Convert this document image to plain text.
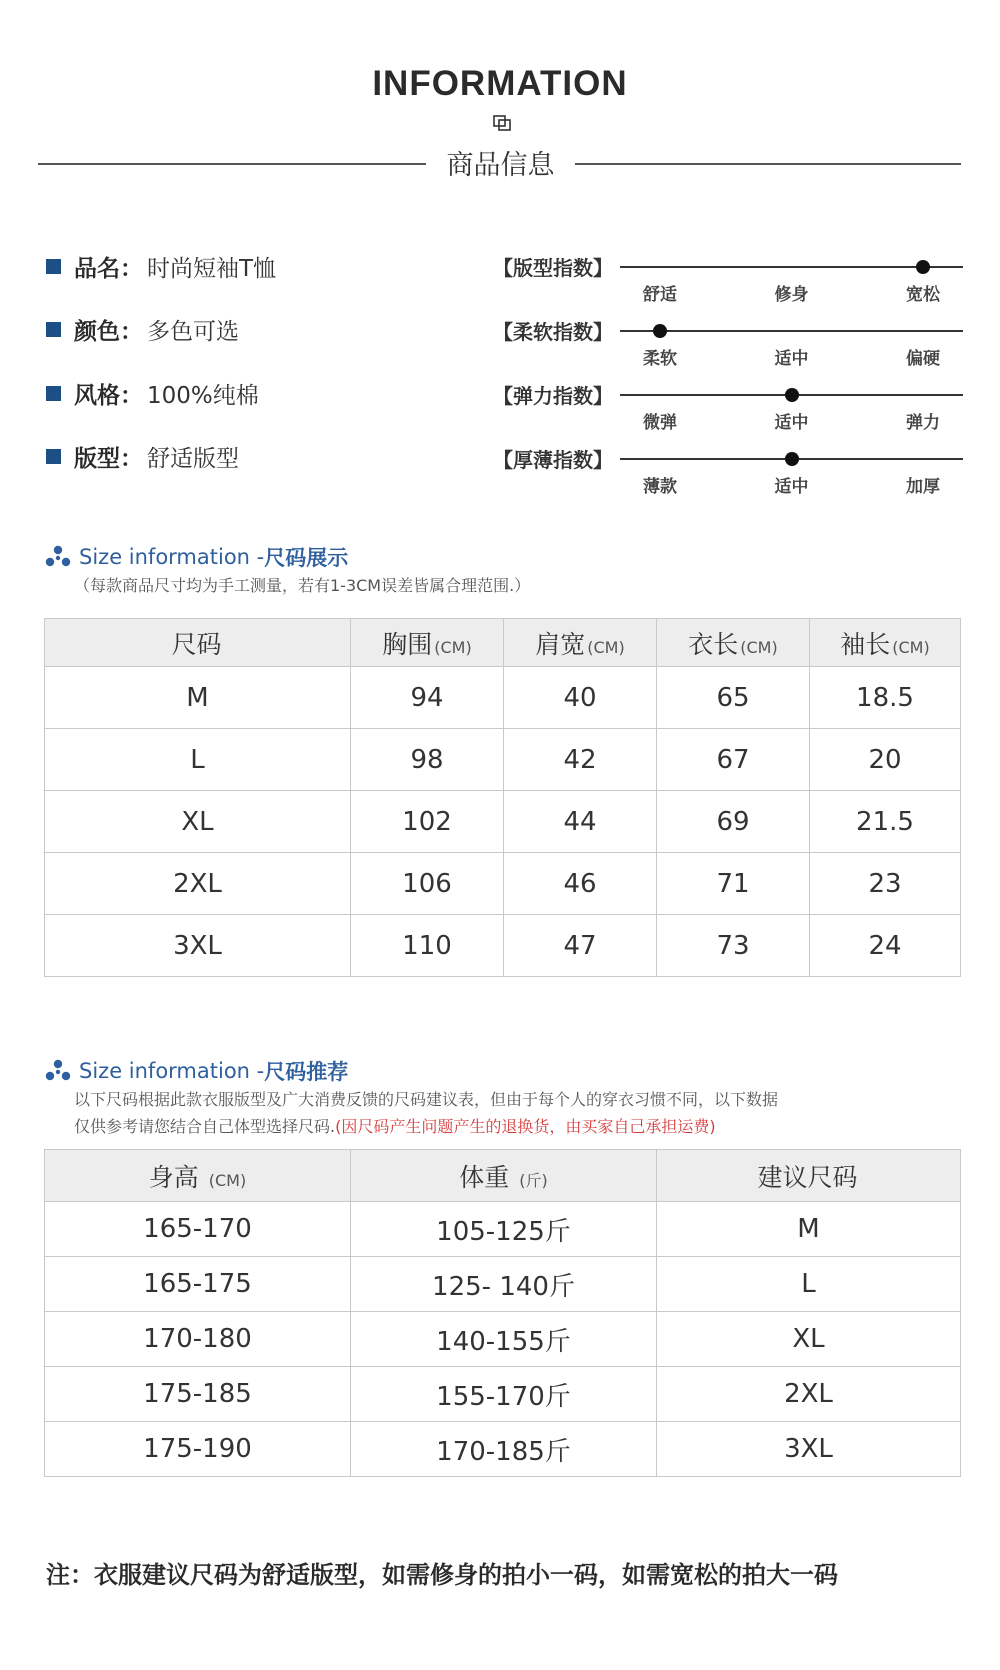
INFORMATION
商品信息
品名： 时尚短袖T恤
颜色： 多色可选
风格： 100%纯棉
版型： 舒适版型
【版型指数】
舒适	修身	宽松
【柔软指数】
柔软	适中	偏硬
【弹力指数】
微弹	适中	弹力
【厚薄指数】
薄款	适中	加厚
Size information - 尺码展示
（每款商品尺寸均为手工测量，若有1-3CM误差皆属合理范围.）
尺码	胸围 (CM)	肩宽 (CM)	衣长 (CM)	袖长 (CM)
M	94	40	65	18.5
L	98	42	67	20
XL	102	44	69	21.5
2XL	106	46	71	23
3XL	110	47	73	24
Size information - 尺码推荐
以下尺码根据此款衣服版型及广大消费反馈的尺码建议表，但由于每个人的穿衣习惯不同，以下数据
仅供参考请您结合自己体型选择尺码.(因尺码产生问题产生的退换货，由买家自己承担运费)
身高 (CM)	体重 (斤)	建议尺码
165-170	105-125斤	M
165-175	125- 140斤	L
170-180	140-155斤	XL
175-185	155-170斤	2XL
175-190	170-185斤	3XL
注：衣服建议尺码为舒适版型，如需修身的拍小一码，如需宽松的拍大一码
